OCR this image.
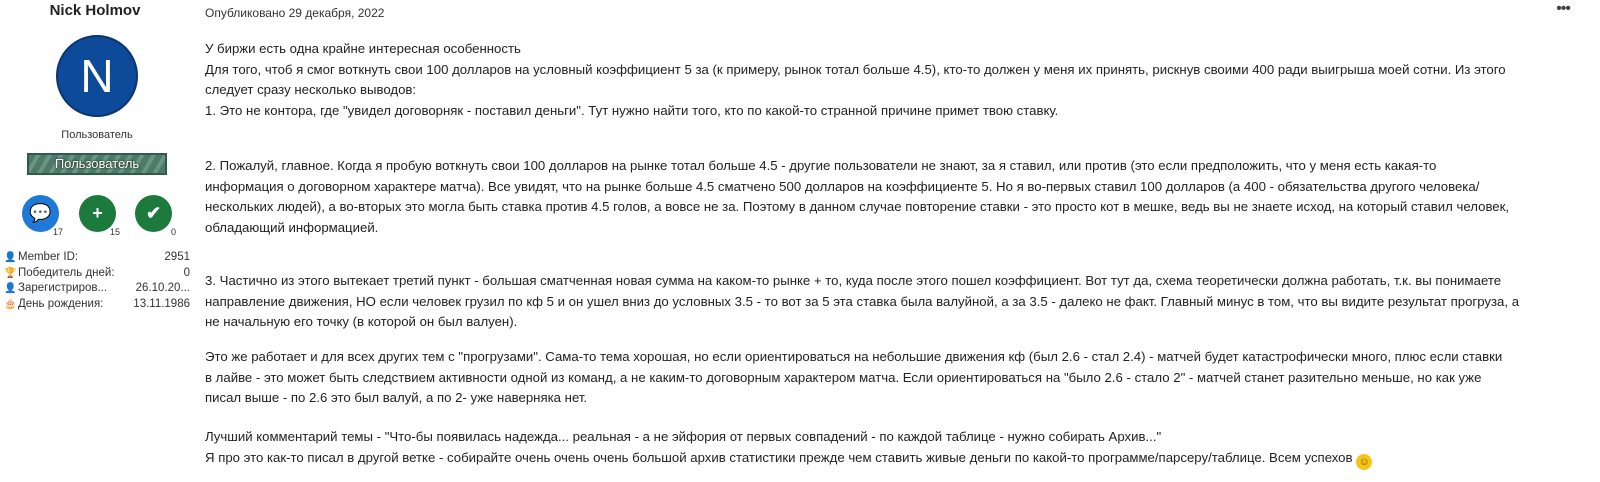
Nick Holmov
N
Пользователь
Пользователь
💬
17
+
15
✔
0
👤 Member ID:	2951
🏆 Победитель дней:	0
👤 Зарегистриров... 26.10.20...
🎂 День рождения:	13.11.1986
Опубликовано 29 декабря, 2022	•••
У биржи есть одна крайне интересная особенность
Для того, чтоб я смог воткнуть свои 100 долларов на условный коэффициент 5 за (к примеру, рынок тотал больше 4.5), кто-то должен у меня их принять, рискнув своими 400 ради выигрыша моей сотни. Из этого
следует сразу несколько выводов:
1. Это не контора, где "увидел договорняк - поставил деньги". Тут нужно найти того, кто по какой-то странной причине примет твою ставку.
2. Пожалуй, главное. Когда я пробую воткнуть свои 100 долларов на рынке тотал больше 4.5 - другие пользователи не знают, за я ставил, или против (это если предположить, что у меня есть какая-то
информация о договорном характере матча). Все увидят, что на рынке больше 4.5 сматчено 500 долларов на коэффициенте 5. Но я во-первых ставил 100 долларов (а 400 - обязательства другого человека/
нескольких людей), а во-вторых это могла быть ставка против 4.5 голов, а вовсе не за. Поэтому в данном случае повторение ставки - это просто кот в мешке, ведь вы не знаете исход, на который ставил человек,
обладающий информацией.
3. Частично из этого вытекает третий пункт - большая сматченная новая сумма на каком-то рынке + то, куда после этого пошел коэффициент. Вот тут да, схема теоретически должна работать, т.к. вы понимаете
направление движения, НО если человек грузил по кф 5 и он ушел вниз до условных 3.5 - то вот за 5 эта ставка была валуйной, а за 3.5 - далеко не факт. Главный минус в том, что вы видите результат прогруза, а
не начальную его точку (в которой он был валуен).
Это же работает и для всех других тем с "прогрузами". Сама-то тема хорошая, но если ориентироваться на небольшие движения кф (был 2.6 - стал 2.4) - матчей будет катастрофически много, плюс если ставки
в лайве - это может быть следствием активности одной из команд, а не каким-то договорным характером матча. Если ориентироваться на "было 2.6 - стало 2" - матчей станет разительно меньше, но как уже
писал выше - по 2.6 это был валуй, а по 2- уже наверняка нет.
Лучший комментарий темы - "Что-бы появилась надежда... реальная - а не эйфория от первых совпадений - по каждой таблице - нужно собирать Архив..."
Я про это как-то писал в другой ветке - собирайте очень очень очень большой архив статистики прежде чем ставить живые деньги по какой-то программе/парсеру/таблице. Всем успехов ☺
